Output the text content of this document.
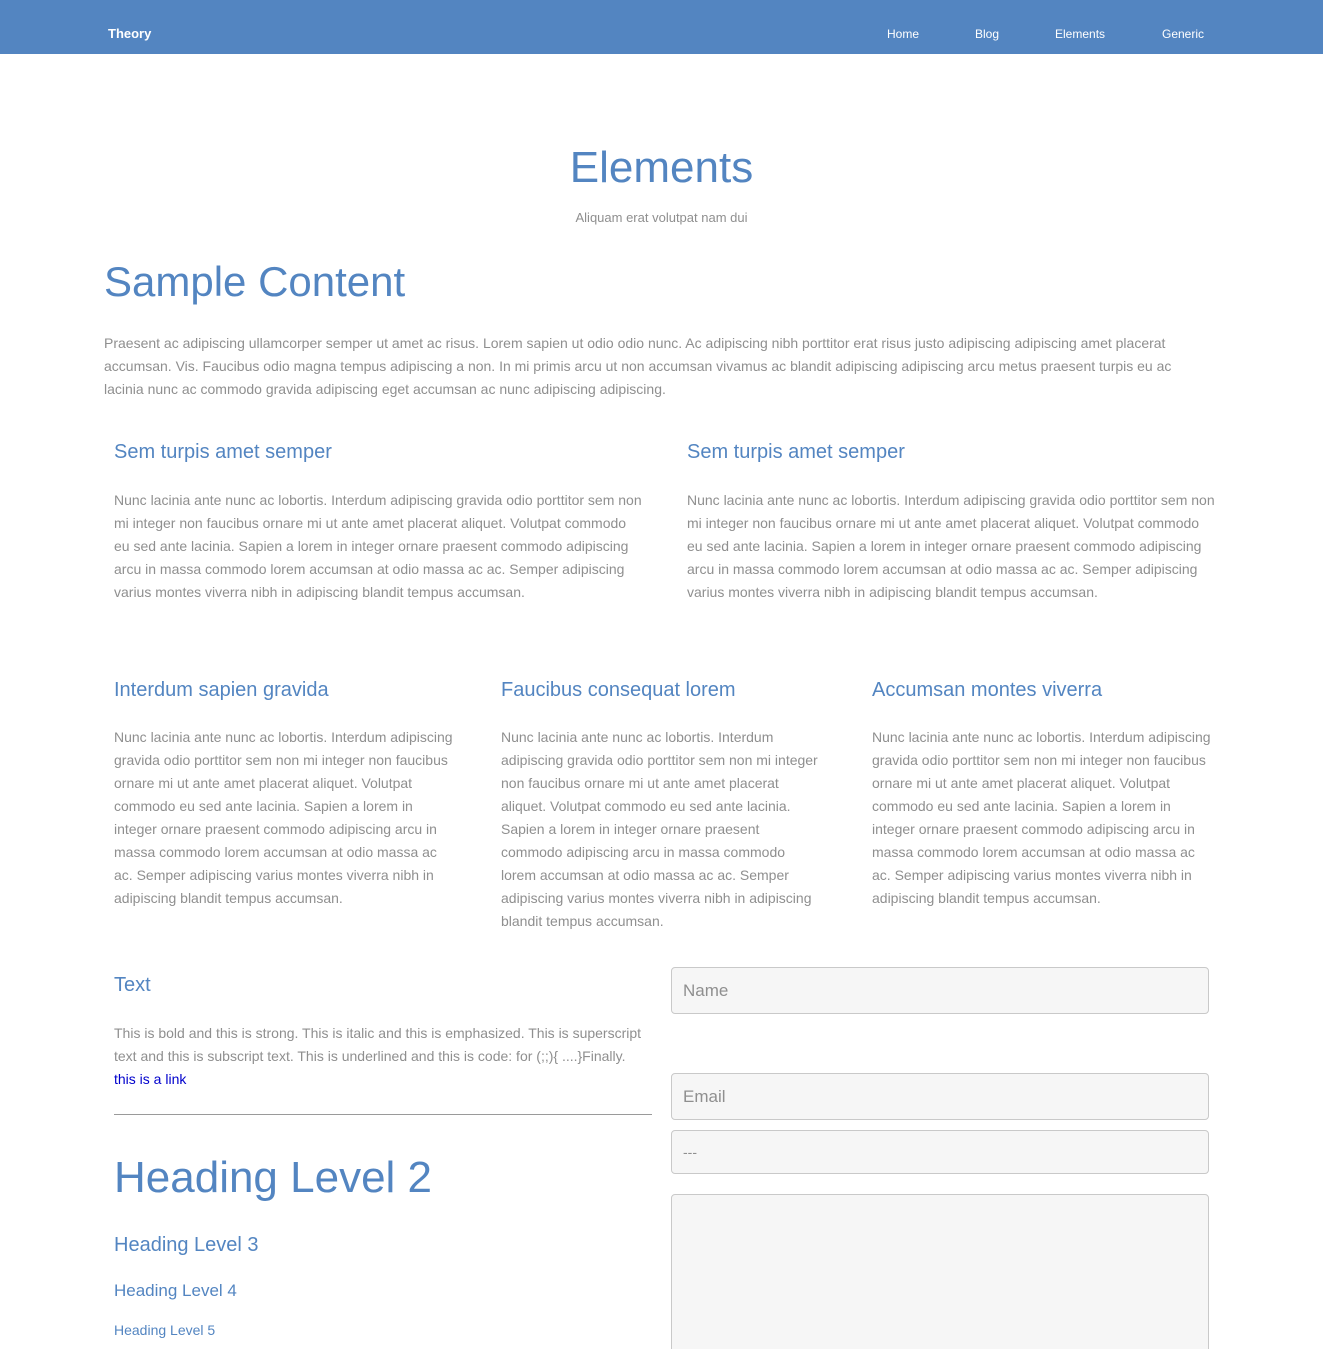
Theory	Home	Blog	Elements	Generic
Elements

Aliquam erat volutpat nam dui

Sample Content

Praesent ac adipiscing ullamcorper semper ut amet ac risus. Lorem sapien ut odio odio nunc. Ac adipiscing nibh porttitor erat risus justo adipiscing adipiscing amet placerat accumsan. Vis. Faucibus odio magna tempus adipiscing a non. In mi primis arcu ut non accumsan vivamus ac blandit adipiscing adipiscing arcu metus praesent turpis eu ac lacinia nunc ac commodo gravida adipiscing eget accumsan ac nunc adipiscing adipiscing.

Sem turpis amet semper

Nunc lacinia ante nunc ac lobortis. Interdum adipiscing gravida odio porttitor sem non mi integer non faucibus ornare mi ut ante amet placerat aliquet. Volutpat commodo eu sed ante lacinia. Sapien a lorem in integer ornare praesent commodo adipiscing arcu in massa commodo lorem accumsan at odio massa ac ac. Semper adipiscing varius montes viverra nibh in adipiscing blandit tempus accumsan.

Sem turpis amet semper

Nunc lacinia ante nunc ac lobortis. Interdum adipiscing gravida odio porttitor sem non mi integer non faucibus ornare mi ut ante amet placerat aliquet. Volutpat commodo eu sed ante lacinia. Sapien a lorem in integer ornare praesent commodo adipiscing arcu in massa commodo lorem accumsan at odio massa ac ac. Semper adipiscing varius montes viverra nibh in adipiscing blandit tempus accumsan.

Interdum sapien gravida

Nunc lacinia ante nunc ac lobortis. Interdum adipiscing gravida odio porttitor sem non mi integer non faucibus ornare mi ut ante amet placerat aliquet. Volutpat commodo eu sed ante lacinia. Sapien a lorem in integer ornare praesent commodo adipiscing arcu in massa commodo lorem accumsan at odio massa ac ac. Semper adipiscing varius montes viverra nibh in adipiscing blandit tempus accumsan.

Faucibus consequat lorem

Nunc lacinia ante nunc ac lobortis. Interdum adipiscing gravida odio porttitor sem non mi integer non faucibus ornare mi ut ante amet placerat aliquet. Volutpat commodo eu sed ante lacinia. Sapien a lorem in integer ornare praesent commodo adipiscing arcu in massa commodo lorem accumsan at odio massa ac ac. Semper adipiscing varius montes viverra nibh in adipiscing blandit tempus accumsan.

Accumsan montes viverra

Nunc lacinia ante nunc ac lobortis. Interdum adipiscing gravida odio porttitor sem non mi integer non faucibus ornare mi ut ante amet placerat aliquet. Volutpat commodo eu sed ante lacinia. Sapien a lorem in integer ornare praesent commodo adipiscing arcu in massa commodo lorem accumsan at odio massa ac ac. Semper adipiscing varius montes viverra nibh in adipiscing blandit tempus accumsan.

Text
This is bold and this is strong. This is italic and this is emphasized. This is superscript text and this is subscript text. This is underlined and this is code: for (;;){ ....}Finally.
this is a link
Heading Level 2
Heading Level 3
Heading Level 4
Heading Level 5
Name
Email
---
